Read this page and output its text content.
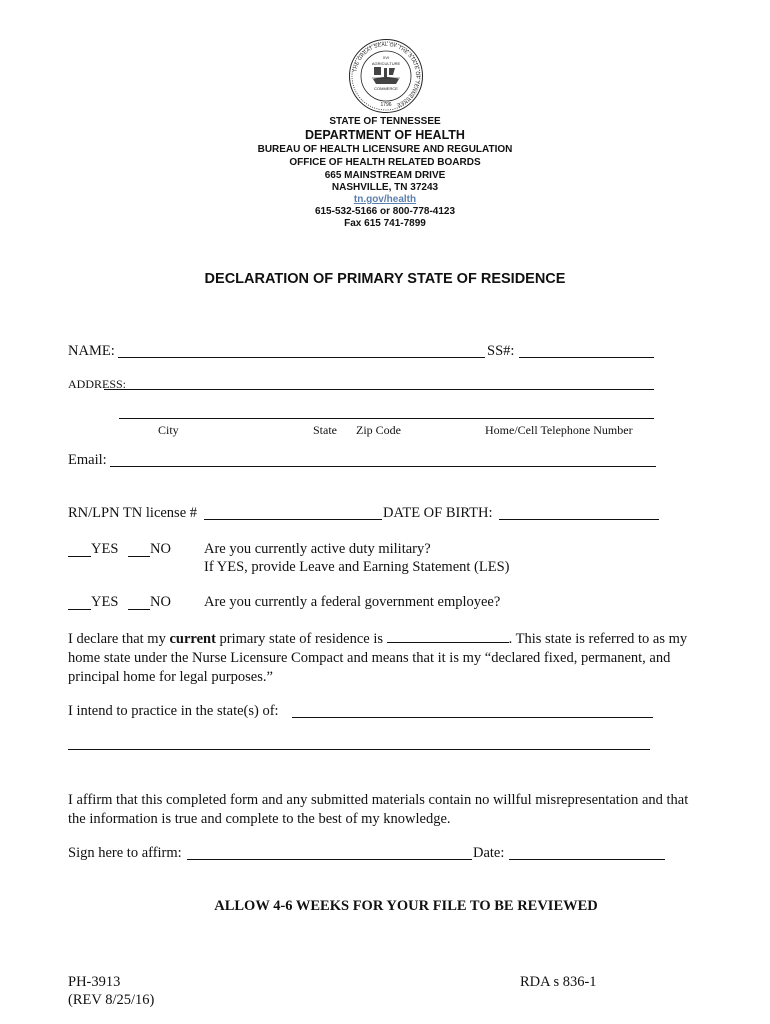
THE GREAT SEAL OF THE STATE OF TENNESSEE
XVI
AGRICULTURE
COMMERCE
1796
STATE OF TENNESSEE
DEPARTMENT OF HEALTH
BUREAU OF HEALTH LICENSURE AND REGULATION
OFFICE OF HEALTH RELATED BOARDS
665 MAINSTREAM DRIVE
NASHVILLE, TN 37243
tn.gov/health
615-532-5166 or 800-778-4123
Fax 615 741-7899
DECLARATION OF PRIMARY STATE OF RESIDENCE
NAME:	SS#:
ADDRESS:
City	State Zip Code	Home/Cell Telephone Number
Email:
RN/LPN TN license #	DATE OF BIRTH:
YES NO Are you currently active duty military?
If YES, provide Leave and Earning Statement (LES)
YES NO Are you currently a federal government employee?
I declare that my current primary state of residence is	. This state is referred to as my home state under the Nurse Licensure Compact and means that it is my “declared fixed, permanent, and principal home for legal purposes.”
I intend to practice in the state(s) of:
I affirm that this completed form and any submitted materials contain no willful misrepresentation and that the information is true and complete to the best of my knowledge.
Sign here to affirm:	Date:
ALLOW 4-6 WEEKS FOR YOUR FILE TO BE REVIEWED
PH-3913
(REV 8/25/16)
RDA s 836-1
